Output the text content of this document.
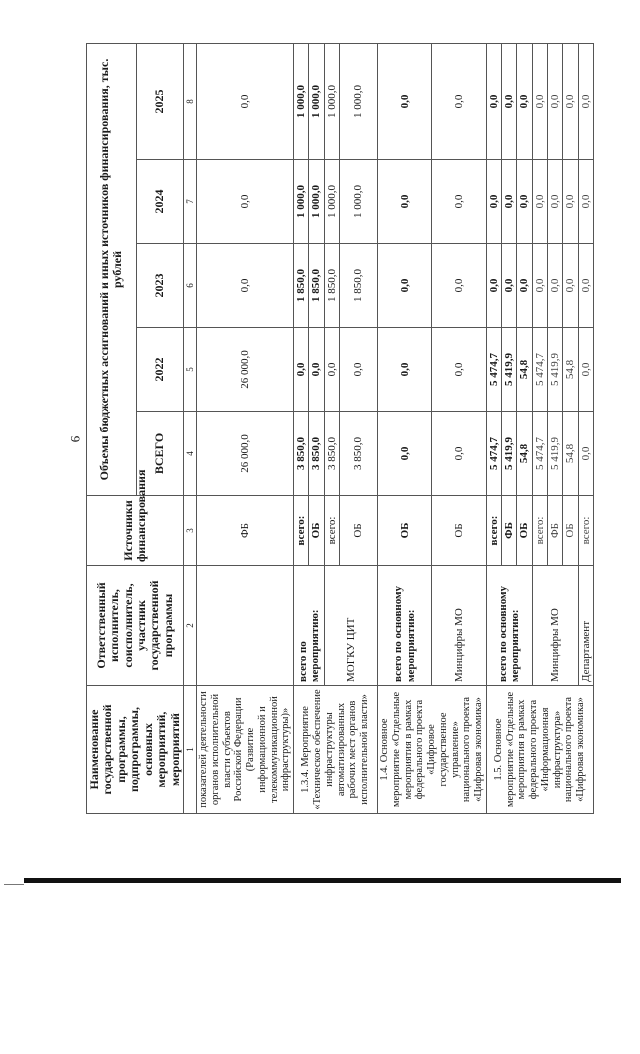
9
Наименование государственной программы, подпрограммы, основных мероприятий, мероприятий	Ответственный исполнитель, соисполнитель, участник государственной программы	Источники финансирования	Объемы бюджетных ассигнований и иных источников финансирования, тыс. рублей				
			ВСЕГО	2022	2023	2024	2025
1	2	3	4	5	6	7	8
показателей деятельности органов исполнительной власти субъектов Российской Федерации (Развитие информационной и телекоммуникационной инфраструктуры)»		ФБ	26 000,0	26 000,0	0,0	0,0	0,0
1.3.4. Мероприятие «Техническое обеспечение инфраструктуры автоматизированных рабочих мест органов исполнительной власти»	всего по мероприятию:	всего:	3 850,0	0,0	1 850,0	1 000,0	1 000,0
		ОБ	3 850,0	0,0	1 850,0	1 000,0	1 000,0
	МОГКУ ЦИТ	всего:	3 850,0	0,0	1 850,0	1 000,0	1 000,0
		ОБ	3 850,0	0,0	1 850,0	1 000,0	1 000,0
1.4. Основное мероприятие «Отдельные мероприятия в рамках федерального проекта «Цифровое государственное управление» национального проекта «Цифровая экономика»	всего по основному мероприятию:	ОБ	0,0	0,0	0,0	0,0	0,0
	Минцифры МО	ОБ	0,0	0,0	0,0	0,0	0,0
1.5. Основное мероприятие «Отдельные мероприятия в рамках федерального проекта «Информационная инфраструктура» национального проекта «Цифровая экономика»	всего по основному мероприятию:	всего:	5 474,7	5 474,7	0,0	0,0	0,0
		ФБ	5 419,9	5 419,9	0,0	0,0	0,0
		ОБ	54,8	54,8	0,0	0,0	0,0
	Минцифры МО	всего:	5 474,7	5 474,7	0,0	0,0	0,0
		ФБ	5 419,9	5 419,9	0,0	0,0	0,0
		ОБ	54,8	54,8	0,0	0,0	0,0
	Департамент	всего:	0,0	0,0	0,0	0,0	0,0
